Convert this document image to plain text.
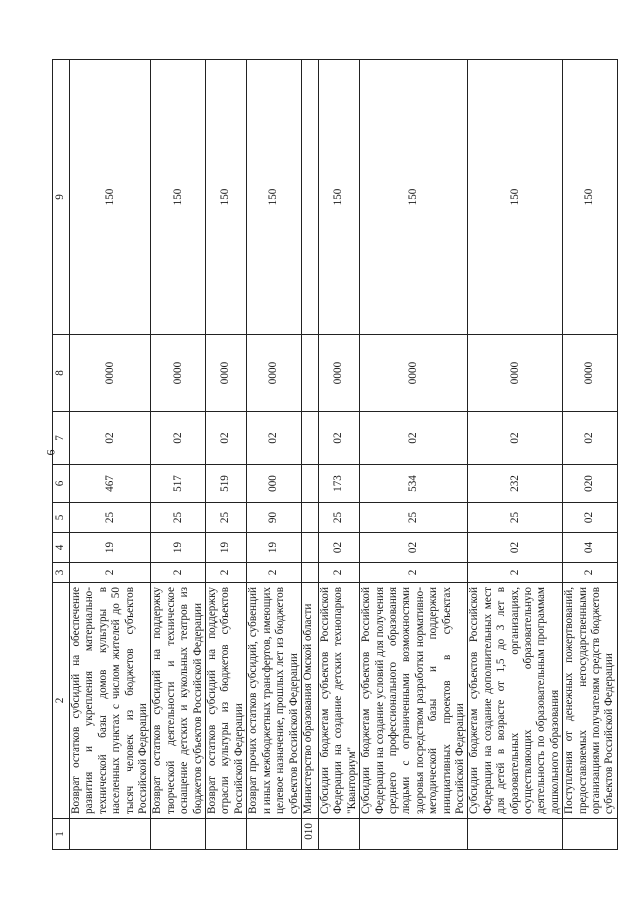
6
1	2	3	4	5	6	7	8	9
	Возврат остатков субсидий на обеспечение развития и укрепления материально-технической базы домов культуры в населенных пунктах с числом жителей до 50 тысяч человек из бюджетов субъектов Российской Федерации	2	19	25	467	02	0000	150
	Возврат остатков субсидий на поддержку творческой деятельности и техническое оснащение детских и кукольных театров из бюджетов субъектов Российской Федерации	2	19	25	517	02	0000	150
	Возврат остатков субсидий на поддержку отрасли культуры из бюджетов субъектов Российской Федерации	2	19	25	519	02	0000	150
	Возврат прочих остатков субсидий, субвенций и иных межбюджетных трансфертов, имеющих целевое назначение, прошлых лет из бюджетов субъектов Российской Федерации	2	19	90	000	02	0000	150
010	Министерство образования Омской области							
	Субсидии бюджетам субъектов Российской Федерации на создание детских технопарков "Кванториум"	2	02	25	173	02	0000	150
	Субсидии бюджетам субъектов Российской Федерации на создание условий для получения среднего профессионального образования людьми с ограниченными возможностями здоровья посредством разработки нормативно-методической базы и поддержки инициативных проектов в субъектах Российской Федерации	2	02	25	534	02	0000	150
	Субсидии бюджетам субъектов Российской Федерации на создание дополнительных мест для детей в возрасте от 1,5 до 3 лет в образовательных организациях, осуществляющих образовательную деятельность по образовательным программам дошкольного образования	2	02	25	232	02	0000	150
	Поступления от денежных пожертвований, предоставляемых негосударственными организациями получателям средств бюджетов субъектов Российской Федерации	2	04	02	020	02	0000	150
